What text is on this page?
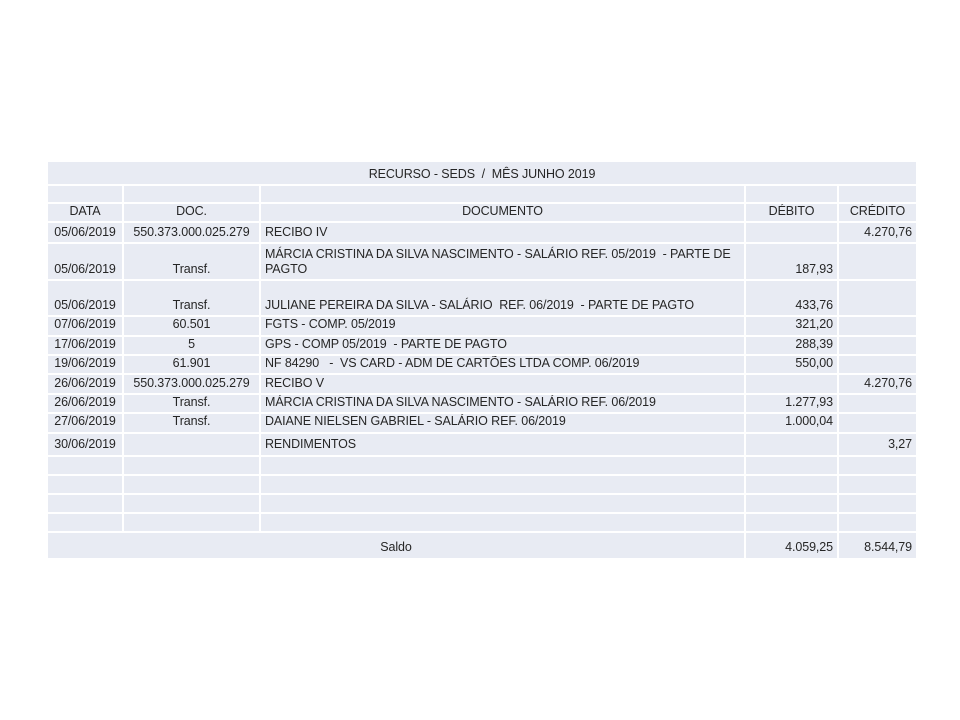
RECURSO - SEDS  /  MÊS JUNHO 2019				

DATA	DOC.	DOCUMENTO	DÉBITO	CRÉDITO
05/06/2019	550.373.000.025.279	RECIBO IV		4.270,76
05/06/2019	Transf.	MÁRCIA CRISTINA DA SILVA NASCIMENTO - SALÁRIO REF. 05/2019  - PARTE DE PAGTO	187,93	
05/06/2019	Transf.	JULIANE PEREIRA DA SILVA - SALÁRIO  REF. 06/2019  - PARTE DE PAGTO	433,76	
07/06/2019	60.501	FGTS - COMP. 05/2019	321,20	
17/06/2019	5	GPS - COMP 05/2019  - PARTE DE PAGTO	288,39	
19/06/2019	61.901	NF 84290   -  VS CARD - ADM DE CARTÕES LTDA COMP. 06/2019	550,00	
26/06/2019	550.373.000.025.279	RECIBO V		4.270,76
26/06/2019	Transf.	MÁRCIA CRISTINA DA SILVA NASCIMENTO - SALÁRIO REF. 06/2019	1.277,93	
27/06/2019	Transf.	DAIANE NIELSEN GABRIEL - SALÁRIO REF. 06/2019	1.000,04	
30/06/2019		RENDIMENTOS		3,27

Saldo			4.059,25	8.544,79
